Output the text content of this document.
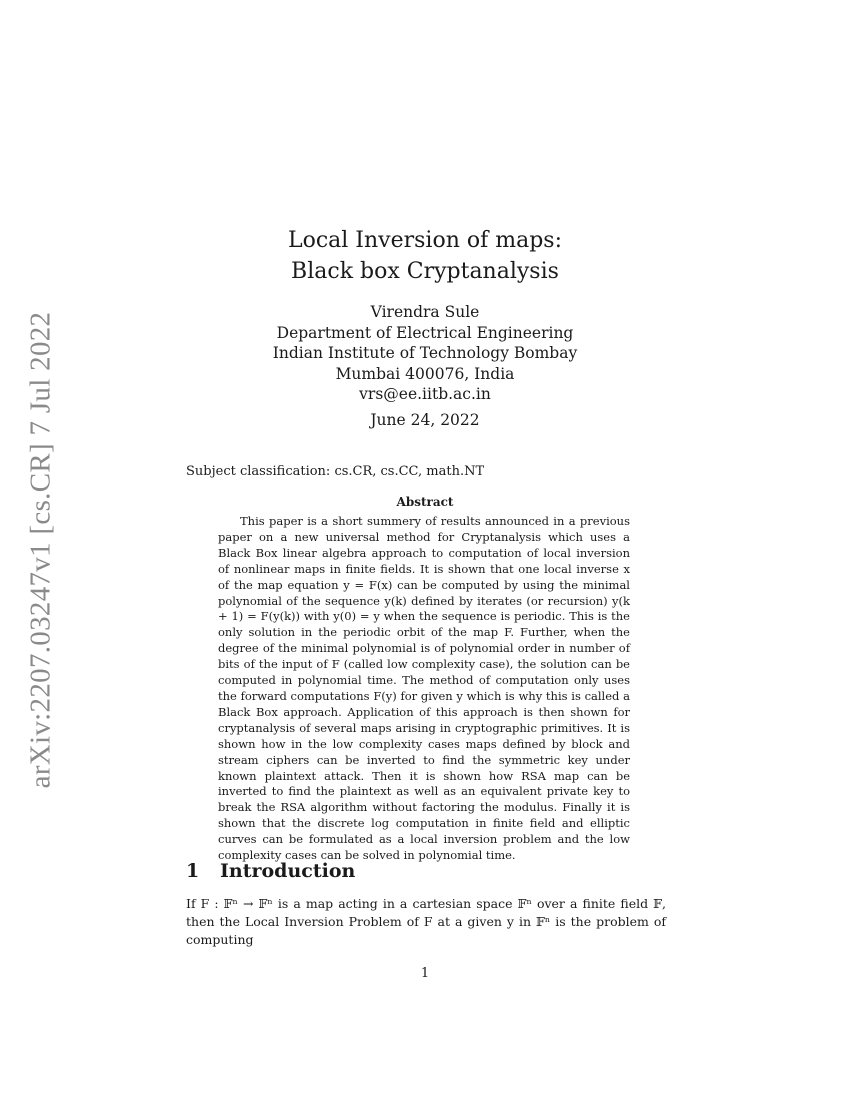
arXiv:2207.03247v1 [cs.CR] 7 Jul 2022
Local Inversion of maps:
Black box Cryptanalysis
Virendra Sule
Department of Electrical Engineering
Indian Institute of Technology Bombay
Mumbai 400076, India
vrs@ee.iitb.ac.in
June 24, 2022
Subject classification: cs.CR, cs.CC, math.NT
Abstract

This paper is a short summery of results announced in a previous paper on a new universal method for Cryptanalysis which uses a Black Box linear algebra approach to computation of local inversion of nonlinear maps in finite fields. It is shown that one local inverse x of the map equation y = F(x) can be computed by using the minimal polynomial of the sequence y(k) defined by iterates (or recursion) y(k + 1) = F(y(k)) with y(0) = y when the sequence is periodic. This is the only solution in the periodic orbit of the map F. Further, when the degree of the minimal polynomial is of polynomial order in number of bits of the input of F (called low complexity case), the solution can be computed in polynomial time. The method of computation only uses the forward computations F(y) for given y which is why this is called a Black Box approach. Application of this approach is then shown for cryptanalysis of several maps arising in cryptographic primitives. It is shown how in the low complexity cases maps defined by block and stream ciphers can be inverted to find the symmetric key under known plaintext attack. Then it is shown how RSA map can be inverted to find the plaintext as well as an equivalent private key to break the RSA algorithm without factoring the modulus. Finally it is shown that the discrete log computation in finite field and elliptic curves can be formulated as a local inversion problem and the low complexity cases can be solved in polynomial time.

1 Introduction

If F : 𝔽ⁿ → 𝔽ⁿ is a map acting in a cartesian space 𝔽ⁿ over a finite field 𝔽, then the Local Inversion Problem of F at a given y in 𝔽ⁿ is the problem of computing

1
